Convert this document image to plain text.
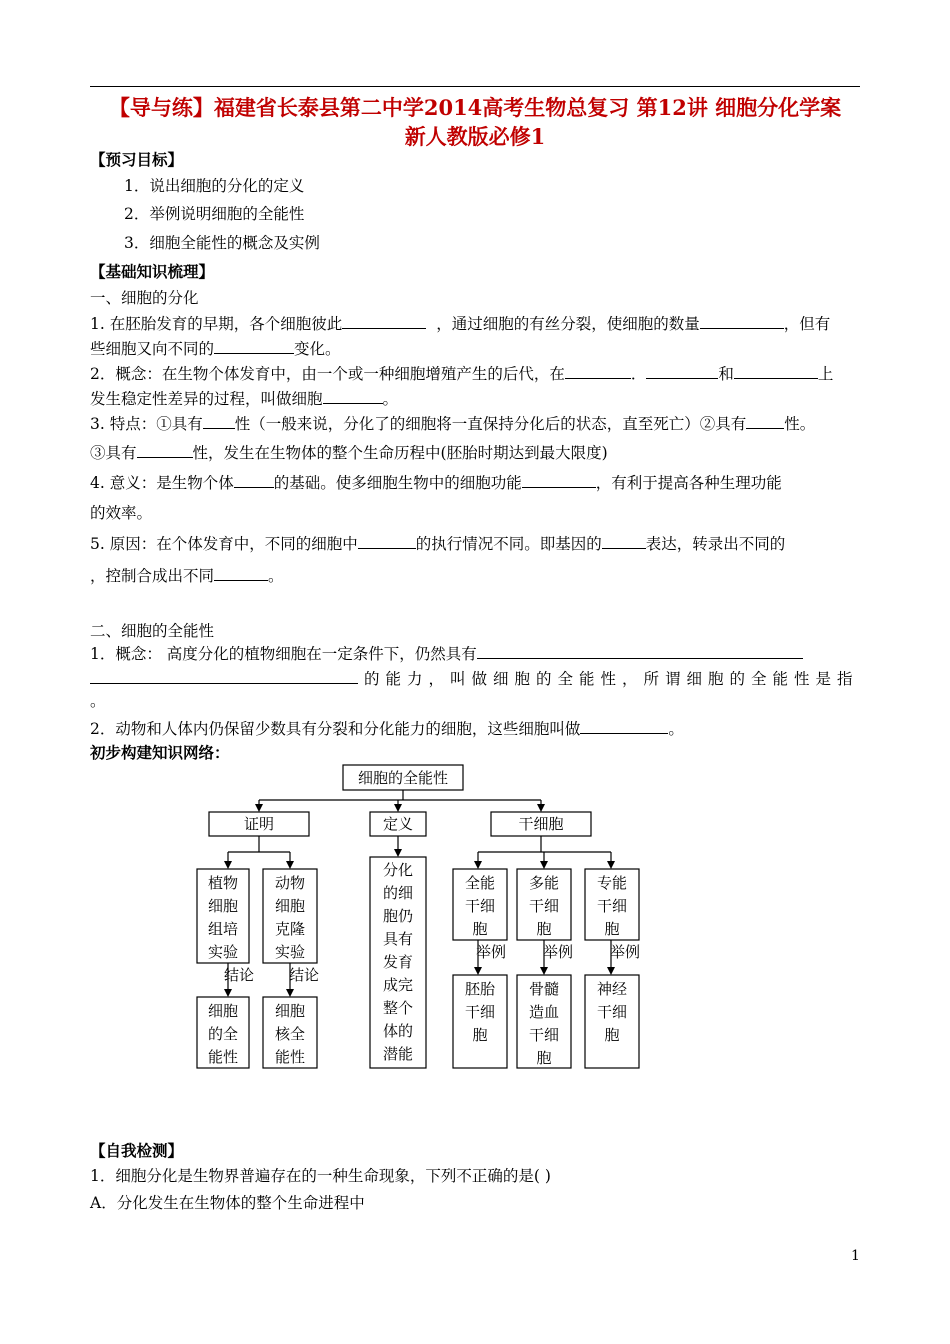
【导与练】福建省长泰县第二中学2014高考生物总复习 第12讲 细胞分化学案
新人教版必修1
【预习目标】
1．说出细胞的分化的定义
2．举例说明细胞的全能性
3．细胞全能性的概念及实例
【基础知识梳理】
一、细胞的分化
1. 在胚胎发育的早期，各个细胞彼此	，通过细胞的有丝分裂，使细胞的数量	，但有
些细胞又向不同的	变化。
2．概念：在生物个体发育中，由一个或一种细胞增殖产生的后代，在	．	和	上
发生稳定性差异的过程，叫做细胞	。
3. 特点：①具有 性（一般来说，分化了的细胞将一直保持分化后的状态，直至死亡）②具有 性。
③具有	性，发生在生物体的整个生命历程中(胚胎时期达到最大限度)
4. 意义：是生物个体	的基础。使多细胞生物中的细胞功能	，有利于提高各种生理功能
的效率。
5. 原因：在个体发育中，不同的细胞中	的执行情况不同。即基因的	表达，转录出不同的
，控制合成出不同	。
二、细胞的全能性
1．概念： 高度分化的植物细胞在一定条件下，仍然具有
的能力，叫做细胞的全能性，所谓细胞的全能性是指
。
2．动物和人体内仍保留少数具有分裂和分化能力的细胞，这些细胞叫做	。
初步构建知识网络：
细胞的全能性
证明	定义	干细胞
植物
细胞
组培
实验
动物
细胞
克隆
实验
结论 结论
细胞
的全
能性
细胞
核全
能性
分化
的细
胞仍
具有
发育
成完
整个
体的
潜能
全能
干细
胞
多能
干细
胞
专能
干细
胞
举例 举例 举例
胚胎
干细
胞
骨髓
造血
干细
胞
神经
干细
胞
【自我检测】
1．细胞分化是生物界普遍存在的一种生命现象，下列不正确的是( )
A．分化发生在生物体的整个生命进程中
1
